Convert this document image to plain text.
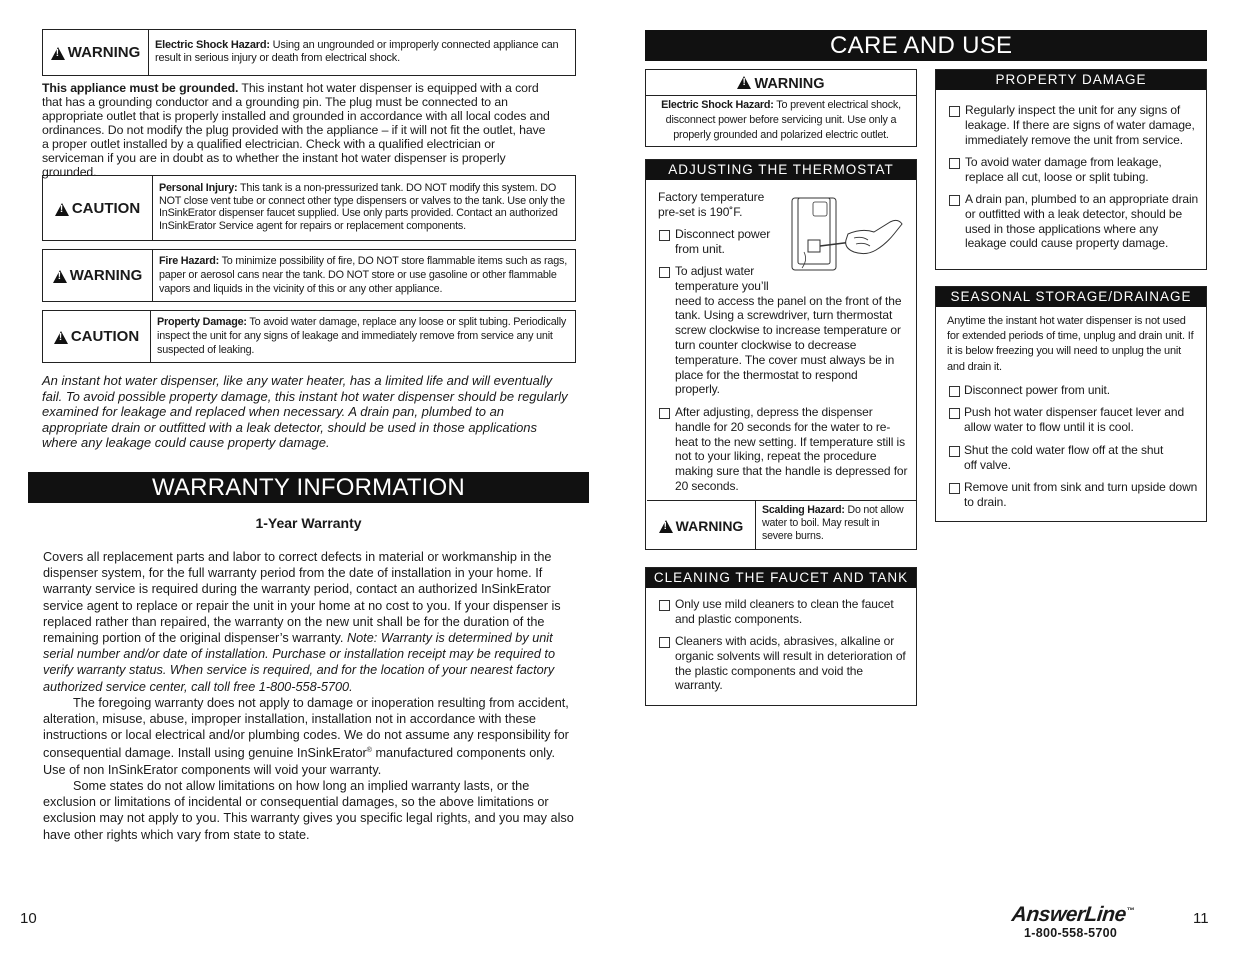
!
WARNING	Electric Shock Hazard: Using an ungrounded or improperly connected appliance can result in serious injury or death from electrical shock.
This appliance must be grounded. This instant hot water dispenser is equipped with a cord that has a grounding conductor and a grounding pin. The plug must be connected to an appropriate outlet that is properly installed and grounded in accordance with all local codes and ordinances. Do not modify the plug provided with the appliance – if it will not fit the outlet, have a proper outlet installed by a qualified electrician. Check with a qualified electrician or serviceman if you are in doubt as to whether the instant hot water dispenser is properly grounded.
!
CAUTION
Personal Injury: This tank is a non-pressurized tank. DO NOT modify this system. DO NOT close vent tube or connect other type dispensers or valves to the tank. Use only the InSinkErator dispenser faucet supplied. Use only parts provided. Contact an authorized InSinkErator Service agent for repairs or replacement components.
!
WARNING
Fire Hazard: To minimize possibility of fire, DO NOT store flammable items such as rags, paper or aerosol cans near the tank. DO NOT store or use gasoline or other flammable vapors and liquids in the vicinity of this or any other appliance.
!
CAUTION
Property Damage: To avoid water damage, replace any loose or split tubing. Periodically inspect the unit for any signs of leakage and immediately remove from service any unit suspected of leaking.
An instant hot water dispenser, like any water heater, has a limited life and will eventually fail. To avoid possible property damage, this instant hot water dispenser should be regularly examined for leakage and replaced when necessary. A drain pan, plumbed to an appropriate drain or outfitted with a leak detector, should be used in those applications where any leakage could cause property damage.
WARRANTY INFORMATION
1-Year Warranty
Covers all replacement parts and labor to correct defects in material or workmanship in the dispenser system, for the full warranty period from the date of installation in your home. If warranty service is required during the warranty period, contact an authorized InSinkErator service agent to replace or repair the unit in your home at no cost to you. If your dispenser is replaced rather than repaired, the warranty on the new unit shall be for the duration of the remaining portion of the original dispenser’s warranty. Note: Warranty is determined by unit serial number and/or date of installation. Purchase or installation receipt may be required to verify warranty status. When service is required, and for the location of your nearest factory authorized service center, call toll free 1-800-558-5700.
The foregoing warranty does not apply to damage or inoperation resulting from accident, alteration, misuse, abuse, improper installation, installation not in accordance with these instructions or local electrical and/or plumbing codes. We do not assume any responsibility for consequential damage. Install using genuine InSinkErator® manufactured components only. Use of non InSinkErator components will void your warranty.
Some states do not allow limitations on how long an implied warranty lasts, or the exclusion or limitations of incidental or consequential damages, so the above limitations or exclusion may not apply to you. This warranty gives you specific legal rights, and you may also have other rights which vary from state to state.
10
CARE AND USE
!WARNING
Electric Shock Hazard: To prevent electrical shock, disconnect power before servicing unit. Use only a properly grounded and polarized electric outlet.
ADJUSTING THE THERMOSTAT
Factory temperature pre-set is 190˚F.
Disconnect power from unit.
To adjust water
temperature you’ll
need to access the panel on the front of the tank. Using a screwdriver, turn thermostat screw clockwise to increase temperature or turn counter clockwise to decrease temperature. The cover must always be in place for the thermostat to respond properly.
After adjusting, depress the dispenser handle for 20 seconds for the water to re-heat to the new setting. If temperature still is not to your liking, repeat the procedure making sure that the handle is depressed for 20 seconds.
!
WARNING
Scalding Hazard: Do not allow water to boil. May result in severe burns.
CLEANING THE FAUCET AND TANK
Only use mild cleaners to clean the faucet and plastic components.
Cleaners with acids, abrasives, alkaline or organic solvents will result in deterioration of the plastic components and void the warranty.
PROPERTY DAMAGE
Regularly inspect the unit for any signs of leakage. If there are signs of water damage, immediately remove the unit from service.
To avoid water damage from leakage, replace all cut, loose or split tubing.
A drain pan, plumbed to an appropriate drain or outfitted with a leak detector, should be used in those applications where any leakage could cause property damage.
SEASONAL STORAGE/DRAINAGE
Anytime the instant hot water dispenser is not used for extended periods of time, unplug and drain unit. If it is below freezing you will need to unplug the unit and drain it.
Disconnect power from unit.
Push hot water dispenser faucet lever and allow water to flow until it is cool.
Shut the cold water flow off at the shut off valve.
Remove unit from sink and turn upside down to drain.
AnswerLine™
1-800-558-5700
11
